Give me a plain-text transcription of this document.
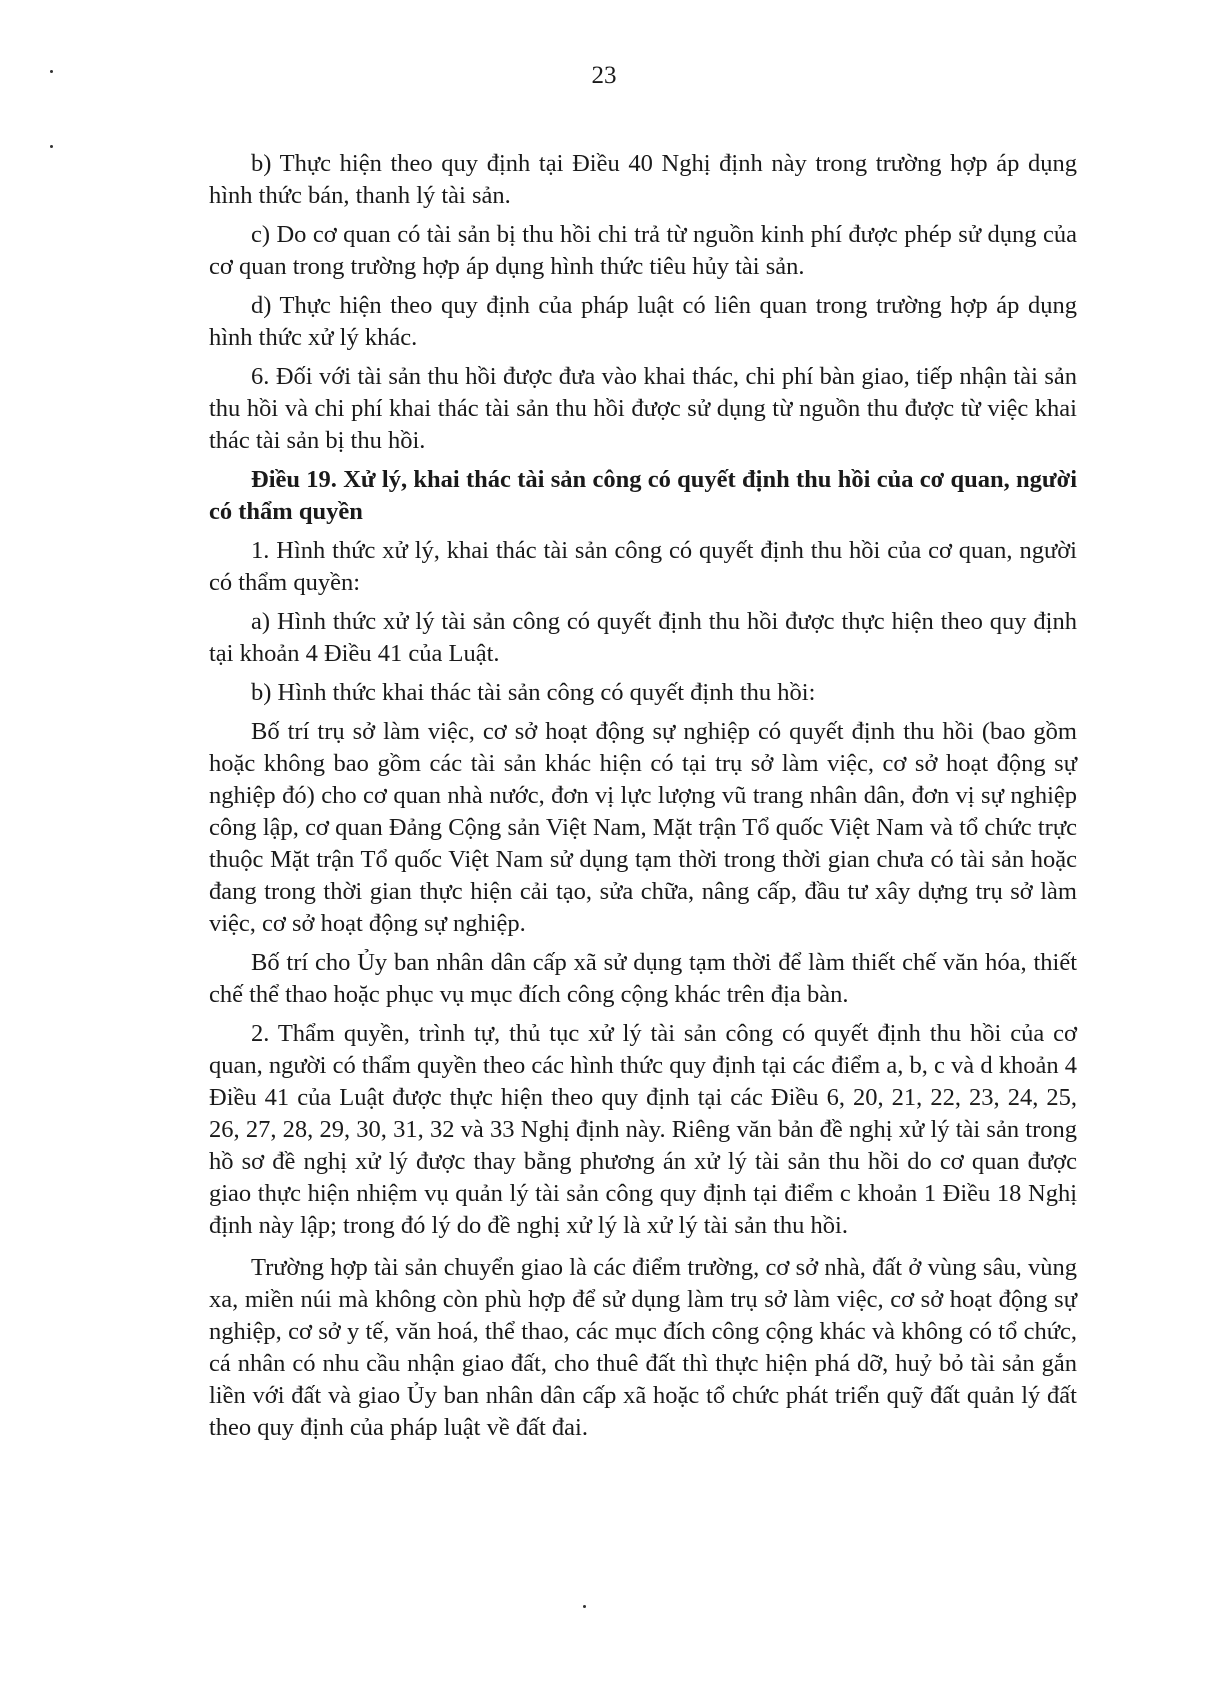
23

b) Thực hiện theo quy định tại Điều 40 Nghị định này trong trường hợp áp dụng hình thức bán, thanh lý tài sản.

c) Do cơ quan có tài sản bị thu hồi chi trả từ nguồn kinh phí được phép sử dụng của cơ quan trong trường hợp áp dụng hình thức tiêu hủy tài sản.

d) Thực hiện theo quy định của pháp luật có liên quan trong trường hợp áp dụng hình thức xử lý khác.

6. Đối với tài sản thu hồi được đưa vào khai thác, chi phí bàn giao, tiếp nhận tài sản thu hồi và chi phí khai thác tài sản thu hồi được sử dụng từ nguồn thu được từ việc khai thác tài sản bị thu hồi.

Điều 19. Xử lý, khai thác tài sản công có quyết định thu hồi của cơ quan, người có thẩm quyền

1. Hình thức xử lý, khai thác tài sản công có quyết định thu hồi của cơ quan, người có thẩm quyền:

a) Hình thức xử lý tài sản công có quyết định thu hồi được thực hiện theo quy định tại khoản 4 Điều 41 của Luật.

b) Hình thức khai thác tài sản công có quyết định thu hồi:

Bố trí trụ sở làm việc, cơ sở hoạt động sự nghiệp có quyết định thu hồi (bao gồm hoặc không bao gồm các tài sản khác hiện có tại trụ sở làm việc, cơ sở hoạt động sự nghiệp đó) cho cơ quan nhà nước, đơn vị lực lượng vũ trang nhân dân, đơn vị sự nghiệp công lập, cơ quan Đảng Cộng sản Việt Nam, Mặt trận Tổ quốc Việt Nam và tổ chức trực thuộc Mặt trận Tổ quốc Việt Nam sử dụng tạm thời trong thời gian chưa có tài sản hoặc đang trong thời gian thực hiện cải tạo, sửa chữa, nâng cấp, đầu tư xây dựng trụ sở làm việc, cơ sở hoạt động sự nghiệp.

Bố trí cho Ủy ban nhân dân cấp xã sử dụng tạm thời để làm thiết chế văn hóa, thiết chế thể thao hoặc phục vụ mục đích công cộng khác trên địa bàn.

2. Thẩm quyền, trình tự, thủ tục xử lý tài sản công có quyết định thu hồi của cơ quan, người có thẩm quyền theo các hình thức quy định tại các điểm a, b, c và d khoản 4 Điều 41 của Luật được thực hiện theo quy định tại các Điều 6, 20, 21, 22, 23, 24, 25, 26, 27, 28, 29, 30, 31, 32 và 33 Nghị định này. Riêng văn bản đề nghị xử lý tài sản trong hồ sơ đề nghị xử lý được thay bằng phương án xử lý tài sản thu hồi do cơ quan được giao thực hiện nhiệm vụ quản lý tài sản công quy định tại điểm c khoản 1 Điều 18 Nghị định này lập; trong đó lý do đề nghị xử lý là xử lý tài sản thu hồi.

Trường hợp tài sản chuyển giao là các điểm trường, cơ sở nhà, đất ở vùng sâu, vùng xa, miền núi mà không còn phù hợp để sử dụng làm trụ sở làm việc, cơ sở hoạt động sự nghiệp, cơ sở y tế, văn hoá, thể thao, các mục đích công cộng khác và không có tổ chức, cá nhân có nhu cầu nhận giao đất, cho thuê đất thì thực hiện phá dỡ, huỷ bỏ tài sản gắn liền với đất và giao Ủy ban nhân dân cấp xã hoặc tổ chức phát triển quỹ đất quản lý đất theo quy định của pháp luật về đất đai.
